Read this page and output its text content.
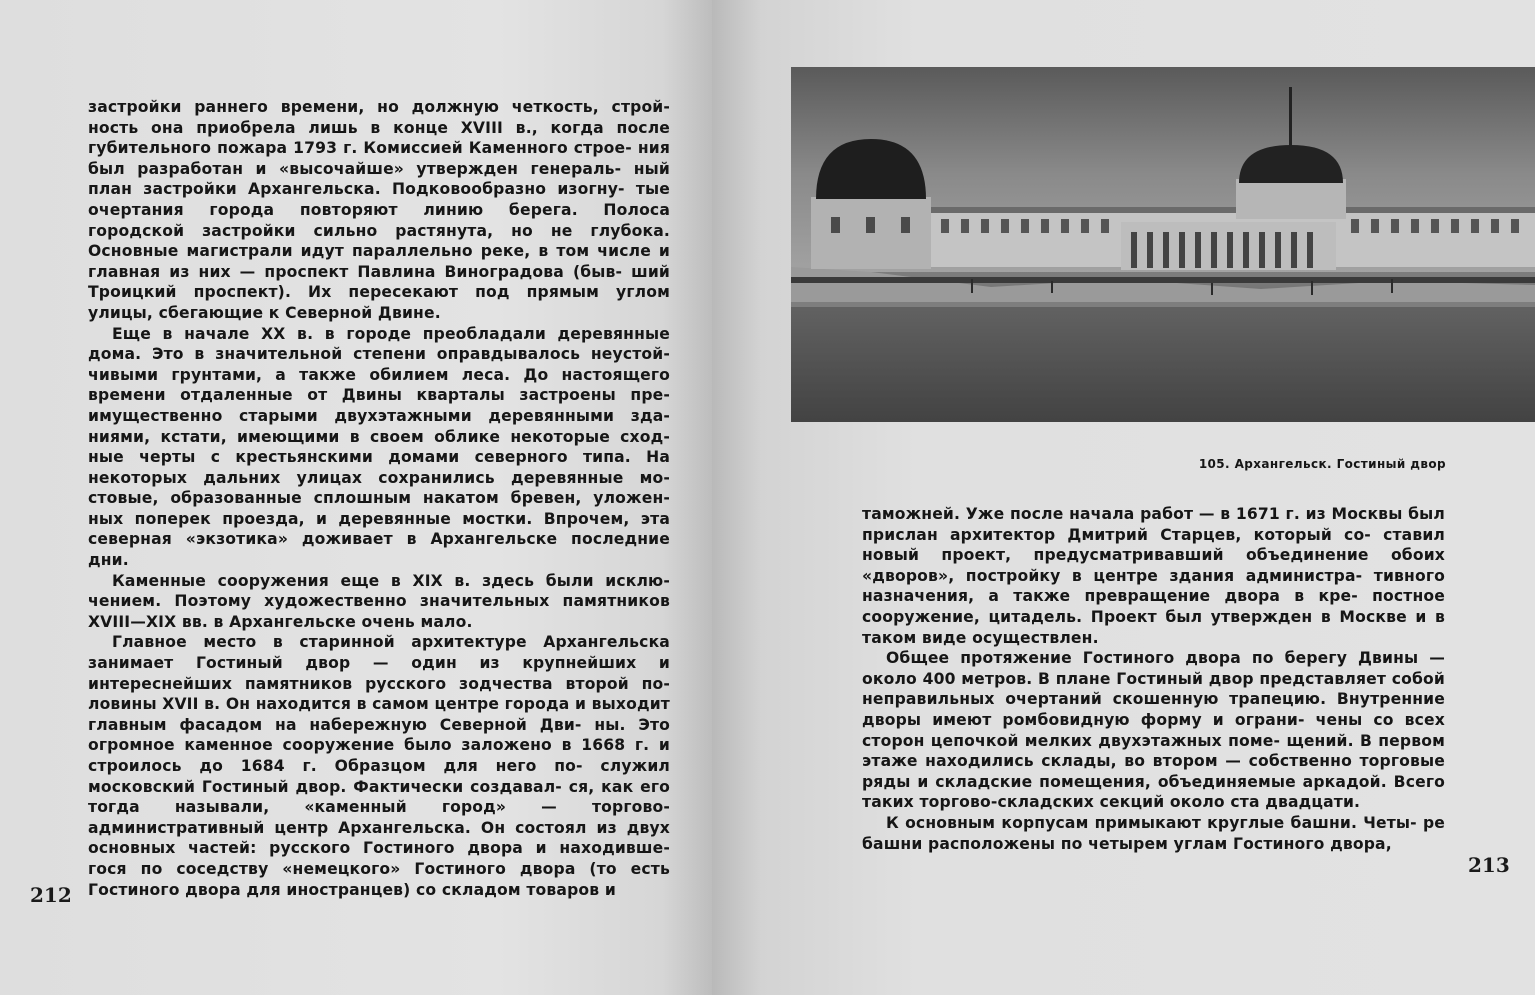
застройки раннего времени, но должную четкость, строй- ность она приобрела лишь в конце XVIII в., когда после губительного пожара 1793 г. Комиссией Каменного строе- ния был разработан и «высочайше» утвержден генераль- ный план застройки Архангельска. Подковообразно изогну- тые очертания города повторяют линию берега. Полоса городской застройки сильно растянута, но не глубока. Основные магистрали идут параллельно реке, в том числе и главная из них — проспект Павлина Виноградова (быв- ший Троицкий проспект). Их пересекают под прямым углом улицы, сбегающие к Северной Двине.

Еще в начале XX в. в городе преобладали деревянные дома. Это в значительной степени оправдывалось неустой- чивыми грунтами, а также обилием леса. До настоящего времени отдаленные от Двины кварталы застроены пре- имущественно старыми двухэтажными деревянными зда- ниями, кстати, имеющими в своем облике некоторые сход- ные черты с крестьянскими домами северного типа. На некоторых дальних улицах сохранились деревянные мо- стовые, образованные сплошным накатом бревен, уложен- ных поперек проезда, и деревянные мостки. Впрочем, эта северная «экзотика» доживает в Архангельске последние дни.

Каменные сооружения еще в XIX в. здесь были исклю- чением. Поэтому художественно значительных памятников XVIII—XIX вв. в Архангельске очень мало.

Главное место в старинной архитектуре Архангельска занимает Гостиный двор — один из крупнейших и интереснейших памятников русского зодчества второй по- ловины XVII в. Он находится в самом центре города и выходит главным фасадом на набережную Северной Дви- ны. Это огромное каменное сооружение было заложено в 1668 г. и строилось до 1684 г. Образцом для него по- служил московский Гостиный двор. Фактически создавал- ся, как его тогда называли, «каменный город» — торгово- административный центр Архангельска. Он состоял из двух основных частей: русского Гостиного двора и находивше- гося по соседству «немецкого» Гостиного двора (то есть Гостиного двора для иностранцев) со складом товаров и

212
105. Архангельск. Гостиный двор

таможней. Уже после начала работ — в 1671 г. из Москвы был прислан архитектор Дмитрий Старцев, который со- ставил новый проект, предусматривавший объединение обоих «дворов», постройку в центре здания администра- тивного назначения, а также превращение двора в кре- постное сооружение, цитадель. Проект был утвержден в Москве и в таком виде осуществлен.

Общее протяжение Гостиного двора по берегу Двины — около 400 метров. В плане Гостиный двор представляет собой неправильных очертаний скошенную трапецию. Внутренние дворы имеют ромбовидную форму и ограни- чены со всех сторон цепочкой мелких двухэтажных поме- щений. В первом этаже находились склады, во втором — собственно торговые ряды и складские помещения, объединяемые аркадой. Всего таких торгово-складских секций около ста двадцати.

К основным корпусам примыкают круглые башни. Четы- ре башни расположены по четырем углам Гостиного двора,

213
